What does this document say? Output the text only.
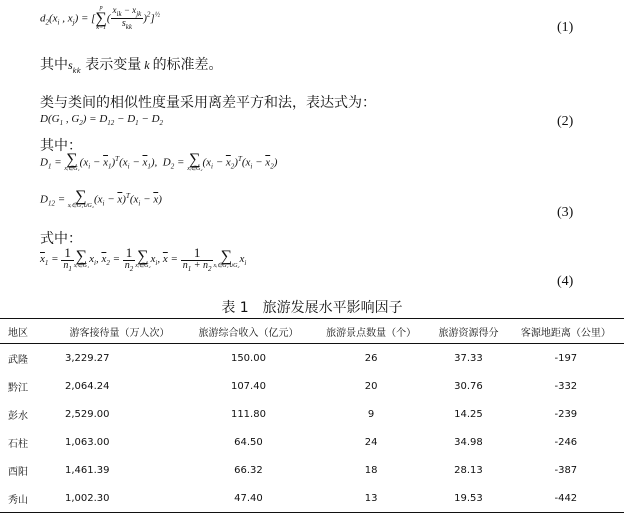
$d_2(x_i$ , $x_j$) = [
p
∑
k=1
( $\frac{x_{ik} - x_{jk}}{s_{kk}} )^2]^{\frac{1}{2}}$
(1)
其中$s_{kk}$ 表示变量 k 的标准差。
类与类间的相似性度量采用离差平方和法，表达式为：
$D(G_1$ , $G_2) = D_{12} - D_1 - D_2$	(2)
其中：
$D_1$ = ∑
xᵢ∈G₁
$(x_i - \overline{x}_1)^T(x_i - \overline{x}_1)$,  $D_2$ = ∑
xᵢ∈G₂
$(x_i - \overline{x}_2)^T(x_i - \overline{x}_2)$
$D_{12}$ = ∑
xᵢ∈G₁∪G₂
$(x_i - \overline{x})^T(x_i - \overline{x})$
(3)
式中：
$\overline{x}_1 = \frac{1}{n_1}$ ∑
xᵢ∈G₁
$x_i$, $\overline{x}_2 = \frac{1}{n_2}$ ∑
xᵢ∈G₂
$x_i$, $\overline{x} = \frac{1}{n_1 + n_2}$ ∑
xᵢ∈G₁∪G₂
$x_i$
(4)
表 1　旅游发展水平影响因子
地区	游客接待量（万人次）	旅游综合收入（亿元）	旅游景点数量（个）	旅游资源得分	客源地距离（公里）
武隆	3,229.27	150.00	26	37.33	-197
黔江	2,064.24	107.40	20	30.76	-332
彭水	2,529.00	111.80	9	14.25	-239
石柱	1,063.00	64.50	24	34.98	-246
酉阳	1,461.39	66.32	18	28.13	-387
秀山	1,002.30	47.40	13	19.53	-442
